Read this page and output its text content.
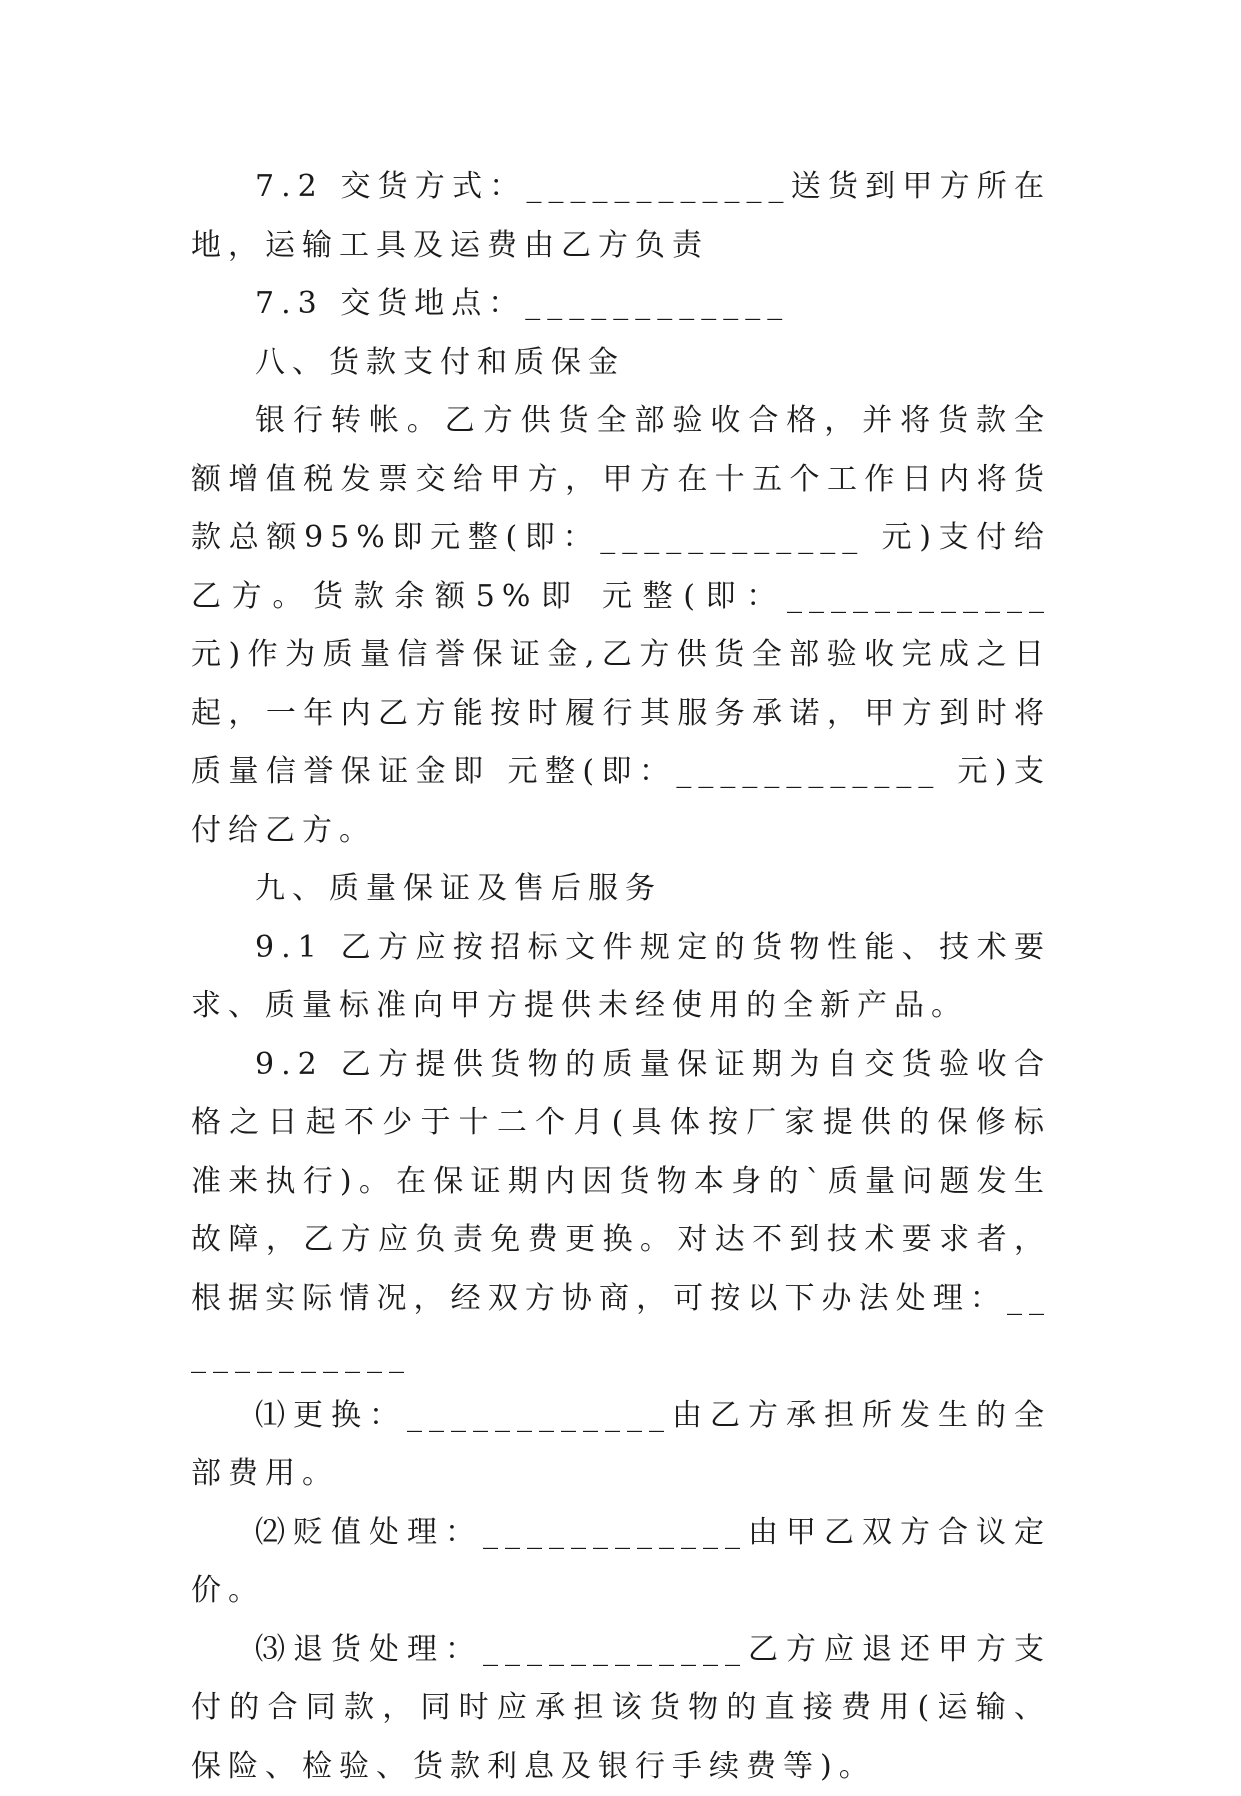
7.2 交货方式：____________送货到甲方所在地，运输工具及运费由乙方负责

7.3 交货地点：____________

八、货款支付和质保金

银行转帐。乙方供货全部验收合格，并将货款全额增值税发票交给甲方，甲方在十五个工作日内将货款总额95%即元整(即：____________ 元)支付给乙方。货款余额5%即 元整(即：____________ 元)作为质量信誉保证金,乙方供货全部验收完成之日起，一年内乙方能按时履行其服务承诺，甲方到时将质量信誉保证金即 元整(即：____________ 元)支付给乙方。

九、质量保证及售后服务

9.1 乙方应按招标文件规定的货物性能、技术要求、质量标准向甲方提供未经使用的全新产品。

9.2 乙方提供货物的质量保证期为自交货验收合格之日起不少于十二个月(具体按厂家提供的保修标准来执行)。在保证期内因货物本身的`质量问题发生故障，乙方应负责免费更换。对达不到技术要求者，根据实际情况，经双方协商，可按以下办法处理：____________

⑴更换：____________由乙方承担所发生的全部费用。

⑵贬值处理：____________由甲乙双方合议定价。

⑶退货处理：____________乙方应退还甲方支付的合同款，同时应承担该货物的直接费用(运输、保险、检验、货款利息及银行手续费等)。
